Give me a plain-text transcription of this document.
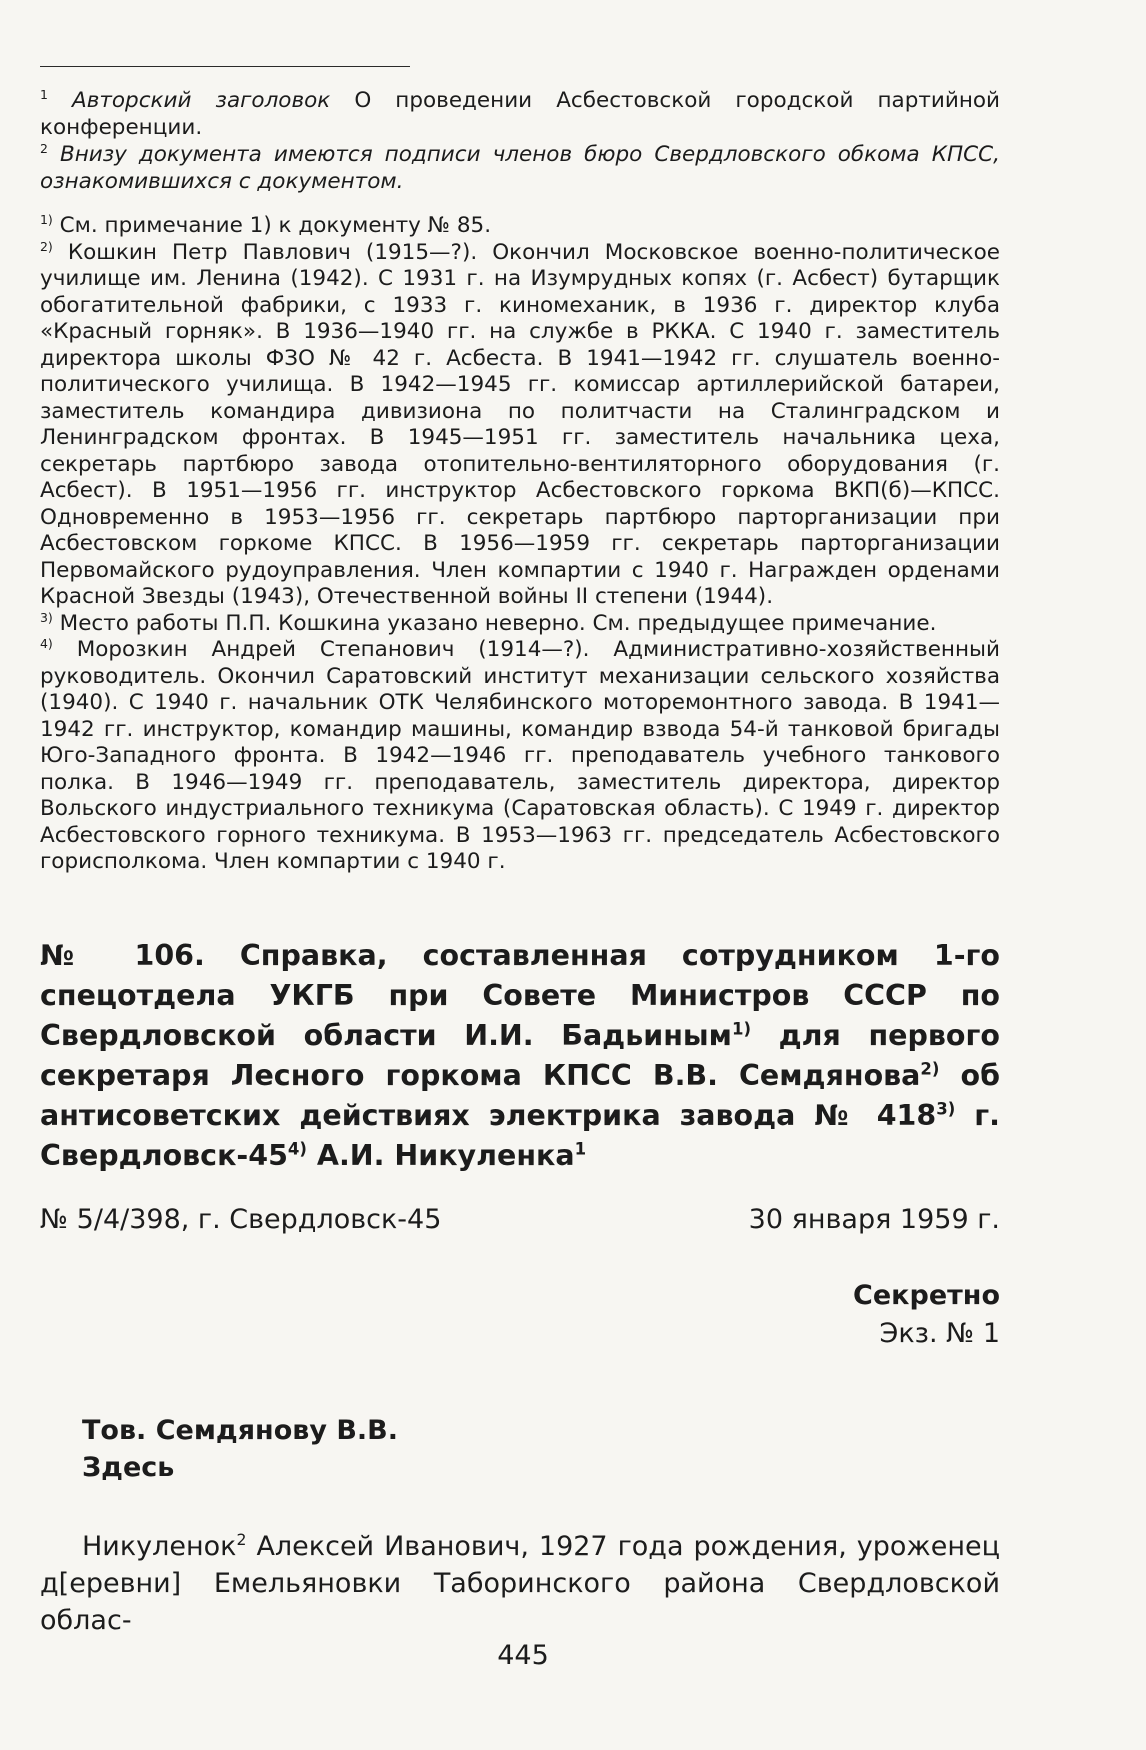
$^1$ Авторский заголовок О проведении Асбестовской городской партийной конференции.

$^2$ Внизу документа имеются подписи членов бюро Свердловского обкома КПСС, ознакомившихся с документом.

$^{1)}$ См. примечание 1) к документу № 85.

$^{2)}$ Кошкин Петр Павлович (1915—?). Окончил Московское военно-политическое училище им. Ленина (1942). С 1931 г. на Изумрудных копях (г. Асбест) бутарщик обогатительной фабрики, с 1933 г. киномеханик, в 1936 г. директор клуба «Красный горняк». В 1936—1940 гг. на службе в РККА. С 1940 г. заместитель директора школы ФЗО № 42 г. Асбеста. В 1941—1942 гг. слушатель военно-политического училища. В 1942—1945 гг. комиссар артиллерийской батареи, заместитель командира дивизиона по политчасти на Сталинградском и Ленинградском фронтах. В 1945—1951 гг. заместитель начальника цеха, секретарь партбюро завода отопительно-вентиляторного оборудования (г. Асбест). В 1951—1956 гг. инструктор Асбестовского горкома ВКП(б)—КПСС. Одновременно в 1953—1956 гг. секретарь партбюро парторганизации при Асбестовском горкоме КПСС. В 1956—1959 гг. секретарь парторганизации Первомайского рудоуправления. Член компартии с 1940 г. Награжден орденами Красной Звезды (1943), Отечественной войны II степени (1944).

$^{3)}$ Место работы П.П. Кошкина указано неверно. См. предыдущее примечание.

$^{4)}$ Морозкин Андрей Степанович (1914—?). Административно-хозяйственный руководитель. Окончил Саратовский институт механизации сельского хозяйства (1940). С 1940 г. начальник ОТК Челябинского моторемонтного завода. В 1941—1942 гг. инструктор, командир машины, командир взвода 54-й танковой бригады Юго-Западного фронта. В 1942—1946 гг. преподаватель учебного танкового полка. В 1946—1949 гг. преподаватель, заместитель директора, директор Вольского индустриального техникума (Саратовская область). С 1949 г. директор Асбестовского горного техникума. В 1953—1963 гг. председатель Асбестовского горисполкома. Член компартии с 1940 г.

№ 106. Справка, составленная сотрудником 1-го спецотдела УКГБ при Совете Министров СССР по Свердловской области И.И. Бадьиным$^{1)}$ для первого секретаря Лесного горкома КПСС В.В. Семдянова$^{2)}$ об антисоветских действиях электрика завода № 418$^{3)}$ г. Свердловск-45$^{4)}$ А.И. Никуленка$^1$
№ 5/4/398, г. Свердловск-45	30 января 1959 г.
Секретно
Экз. № 1
Тов. Семдянову В.В.
Здесь
Никуленок$^2$ Алексей Иванович, 1927 года рождения, уроженец д[еревни] Емельяновки Таборинского района Свердловской облас-
445
